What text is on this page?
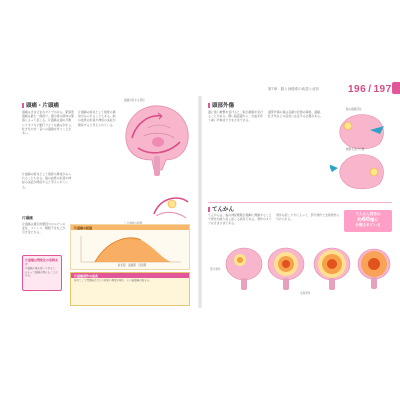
第7章　脳と神経系の疾患と症状	196 / 197
頭痛・片頭痛
頭痛はさまざまなタイプがある。緊張型頭痛は最も一般的で、頭や首の筋肉の緊張によって起こる。片頭痛は頭の片側にズキズキと脈打つような痛みが生じ、吐き気や光・音への過敏を伴うことが多い。
片頭痛の前兆として視覚の異常がみられることもある。脳の血管の拡張や神経の炎症が関係すると考えられている。
片頭痛の前兆として視覚の異常がみられることもある。脳の血管の拡張や神経の炎症が関係すると考えられている。
片頭痛
片頭痛は遺伝的要因やホルモンの変化、ストレス、睡眠不足などが引き金となる。
片頭痛は慢性化の危険あり
片頭痛の薬を使いすぎると、かえって頭痛が増えることがある。
頭痛が起きる部位
片頭痛の経過
前兆期　頭痛期　回復期
片頭痛発作の前兆
前兆として閃輝暗点などの視覚の異常が現れ、その後頭痛が始まる。
頭部外傷
頭に強い衝撃を受けると、脳が損傷を受けることがある。軽い脳震盪から、出血を伴う重い外傷までさまざまである。
頭部外傷の後は意識や記憶の障害、頭痛、吐き気などの症状に注意する必要がある。
脳の損傷部位
衝撃を受けた側
てんかん
てんかんは、脳の神経細胞が過剰に興奮することで発作が繰り返し起こる病気である。発作のタイプはさまざまである。
発作の起こり方によって、部分発作と全般発作に分けられる。
てんかん発作は
約60種に
分類されている
部分発作
全般発作
